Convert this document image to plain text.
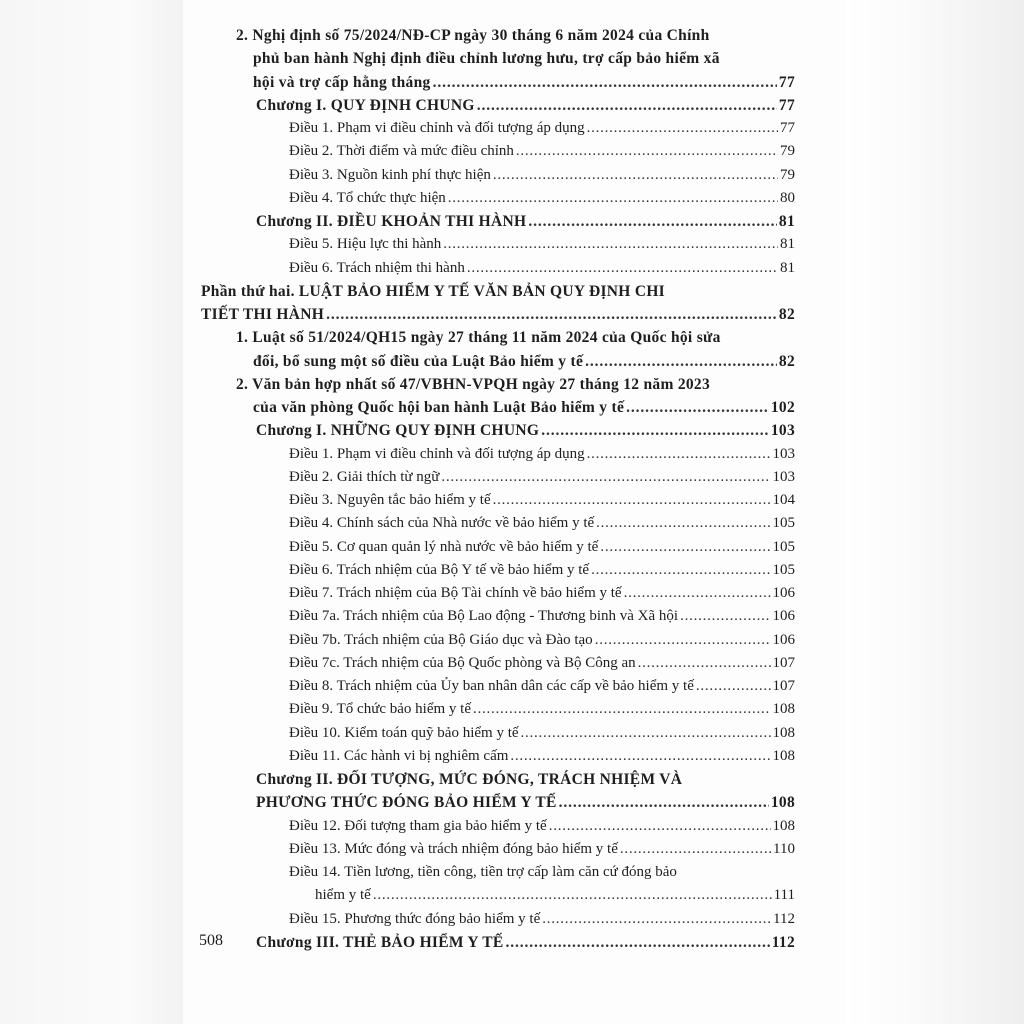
2. Nghị định số 75/2024/NĐ-CP ngày 30 tháng 6 năm 2024 của Chính
phủ ban hành Nghị định điều chỉnh lương hưu, trợ cấp bảo hiểm xã
hội và trợ cấp hằng tháng . . .	77
Chương I. QUY ĐỊNH CHUNG . . .	77
Điều 1. Phạm vi điều chỉnh và đối tượng áp dụng . . .	77
Điều 2. Thời điểm và mức điều chỉnh . . .	79
Điều 3. Nguồn kinh phí thực hiện . . .	79
Điều 4. Tổ chức thực hiện . . .	80
Chương II. ĐIỀU KHOẢN THI HÀNH . . .	81
Điều 5. Hiệu lực thi hành . . .	81
Điều 6. Trách nhiệm thi hành . . .	81
Phần thứ hai. LUẬT BẢO HIỂM Y TẾ VĂN BẢN QUY ĐỊNH CHI
TIẾT THI HÀNH . . .	82
1. Luật số 51/2024/QH15 ngày 27 tháng 11 năm 2024 của Quốc hội sửa
đổi, bổ sung một số điều của Luật Bảo hiểm y tế . . .	82
2. Văn bản hợp nhất số 47/VBHN-VPQH ngày 27 tháng 12 năm 2023
của văn phòng Quốc hội ban hành Luật Bảo hiểm y tế . . .	102
Chương I. NHỮNG QUY ĐỊNH CHUNG . . .	103
Điều 1. Phạm vi điều chỉnh và đối tượng áp dụng . . .	103
Điều 2. Giải thích từ ngữ . . .	103
Điều 3. Nguyên tắc bảo hiểm y tế . . .	104
Điều 4. Chính sách của Nhà nước về bảo hiểm y tế . . .	105
Điều 5. Cơ quan quản lý nhà nước về bảo hiểm y tế . . .	105
Điều 6. Trách nhiệm của Bộ Y tế về bảo hiểm y tế . . .	105
Điều 7. Trách nhiệm của Bộ Tài chính về bảo hiểm y tế . . .	106
Điều 7a. Trách nhiệm của Bộ Lao động - Thương binh và Xã hội . . .	106
Điều 7b. Trách nhiệm của Bộ Giáo dục và Đào tạo . . .	106
Điều 7c. Trách nhiệm của Bộ Quốc phòng và Bộ Công an . . .	107
Điều 8. Trách nhiệm của Ủy ban nhân dân các cấp về bảo hiểm y tế . . .	107
Điều 9. Tổ chức bảo hiểm y tế . . .	108
Điều 10. Kiểm toán quỹ bảo hiểm y tế . . .	108
Điều 11. Các hành vi bị nghiêm cấm . . .	108
Chương II. ĐỐI TƯỢNG, MỨC ĐÓNG, TRÁCH NHIỆM VÀ
PHƯƠNG THỨC ĐÓNG BẢO HIỂM Y TẾ . . .	108
Điều 12. Đối tượng tham gia bảo hiểm y tế . . .	108
Điều 13. Mức đóng và trách nhiệm đóng bảo hiểm y tế . . .	110
Điều 14. Tiền lương, tiền công, tiền trợ cấp làm căn cứ đóng bảo
hiểm y tế . . .	111
Điều 15. Phương thức đóng bảo hiểm y tế . . .	112
Chương III. THẺ BẢO HIỂM Y TẾ . . .	112
508
